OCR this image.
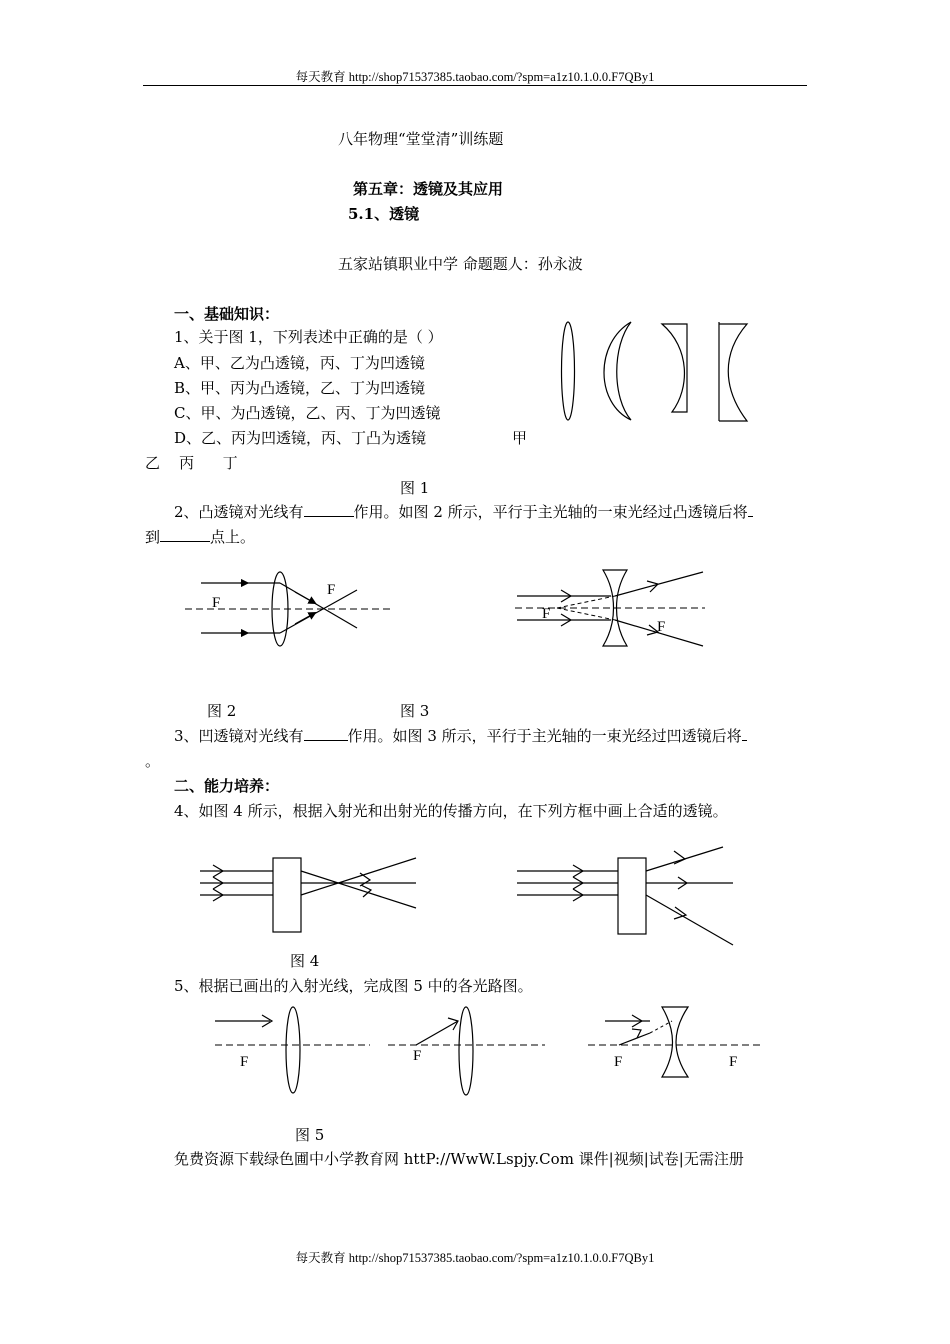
每天教育 http://shop71537385.taobao.com/?spm=a1z10.1.0.0.F7QBy1
八年物理“堂堂清”训练题
第五章：透镜及其应用
5.1、透镜
五家站镇职业中学 命题题人：孙永波
一、基础知识：
1、关于图 1，下列表述中正确的是（ ）
A、甲、乙为凸透镜，丙、丁为凹透镜
B、甲、丙为凸透镜，乙、丁为凹透镜
C、甲、为凸透镜，乙、丙、丁为凹透镜
D、乙、丙为凹透镜，丙、丁凸为透镜	甲
乙    丙      丁
图 1
2、凸透镜对光线有	作用。如图 2 所示，平行于主光轴的一束光经过凸透镜后将
到	点上。
F
F
F
F
图 2	图 3
3、凹透镜对光线有	作用。如图 3 所示，平行于主光轴的一束光经过凹透镜后将
。
二、能力培养：
4、如图 4 所示，根据入射光和出射光的传播方向，在下列方框中画上合适的透镜。
图 4
5、根据已画出的入射光线，完成图 5 中的各光路图。
F	F	F	F
图 5
免费资源下载绿色圃中小学教育网 httP://WwW.Lspjy.Com 课件|视频|试卷|无需注册
每天教育 http://shop71537385.taobao.com/?spm=a1z10.1.0.0.F7QBy1
